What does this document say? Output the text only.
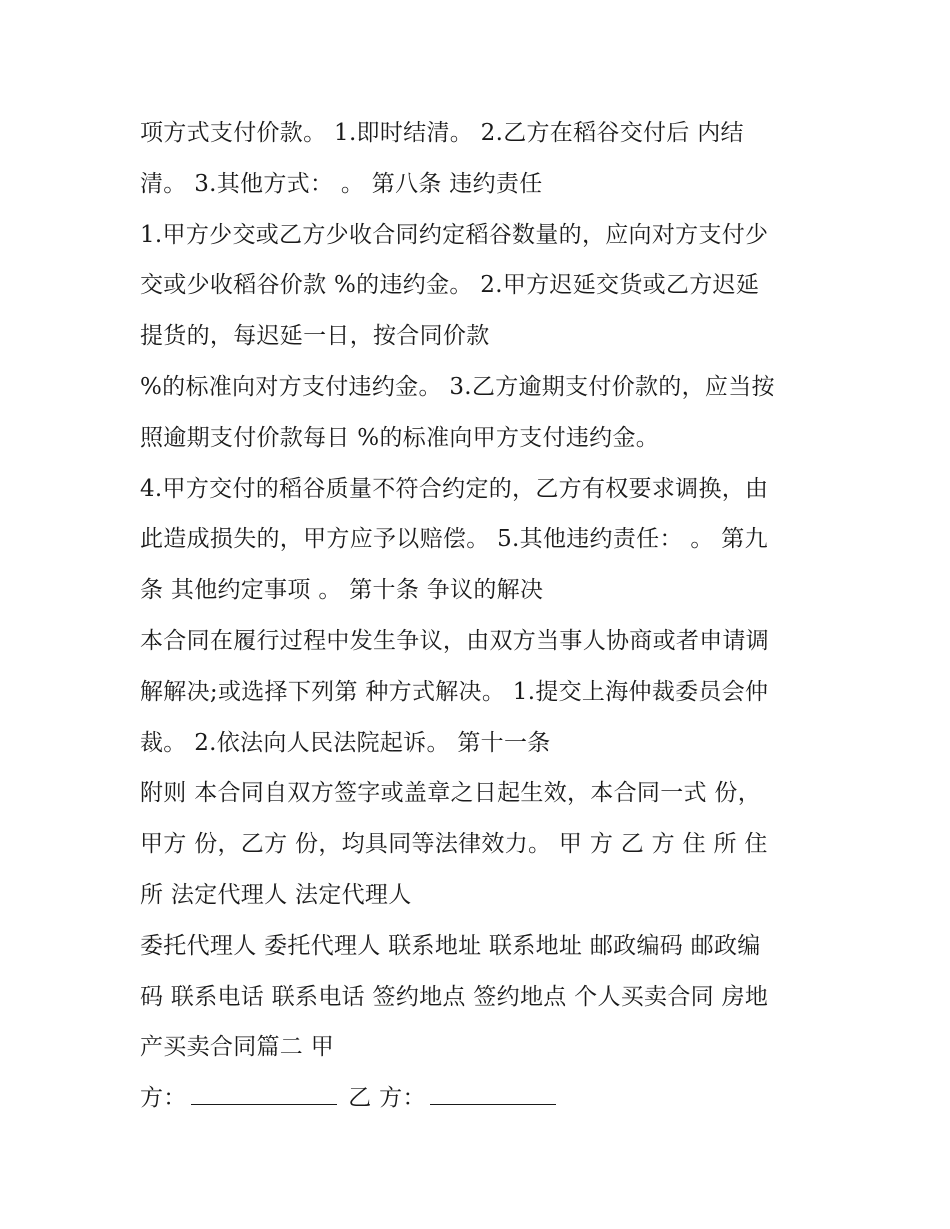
项方式支付价款。 1.即时结清。 2.乙方在稻谷交付后 内结
清。 3.其他方式： 。 第八条 违约责任
1.甲方少交或乙方少收合同约定稻谷数量的，应向对方支付少
交或少收稻谷价款 %的违约金。 2.甲方迟延交货或乙方迟延
提货的，每迟延一日，按合同价款
%的标准向对方支付违约金。 3.乙方逾期支付价款的，应当按
照逾期支付价款每日 %的标准向甲方支付违约金。
4.甲方交付的稻谷质量不符合约定的，乙方有权要求调换，由
此造成损失的，甲方应予以赔偿。 5.其他违约责任： 。 第九
条 其他约定事项 。 第十条 争议的解决
本合同在履行过程中发生争议，由双方当事人协商或者申请调
解解决;或选择下列第 种方式解决。 1.提交上海仲裁委员会仲
裁。 2.依法向人民法院起诉。 第十一条
附则 本合同自双方签字或盖章之日起生效，本合同一式 份，
甲方 份，乙方 份，均具同等法律效力。 甲 方 乙 方 住 所 住
所 法定代理人 法定代理人
委托代理人 委托代理人 联系地址 联系地址 邮政编码 邮政编
码 联系电话 联系电话 签约地点 签约地点 个人买卖合同 房地
产买卖合同篇二 甲
方：	乙 方：
